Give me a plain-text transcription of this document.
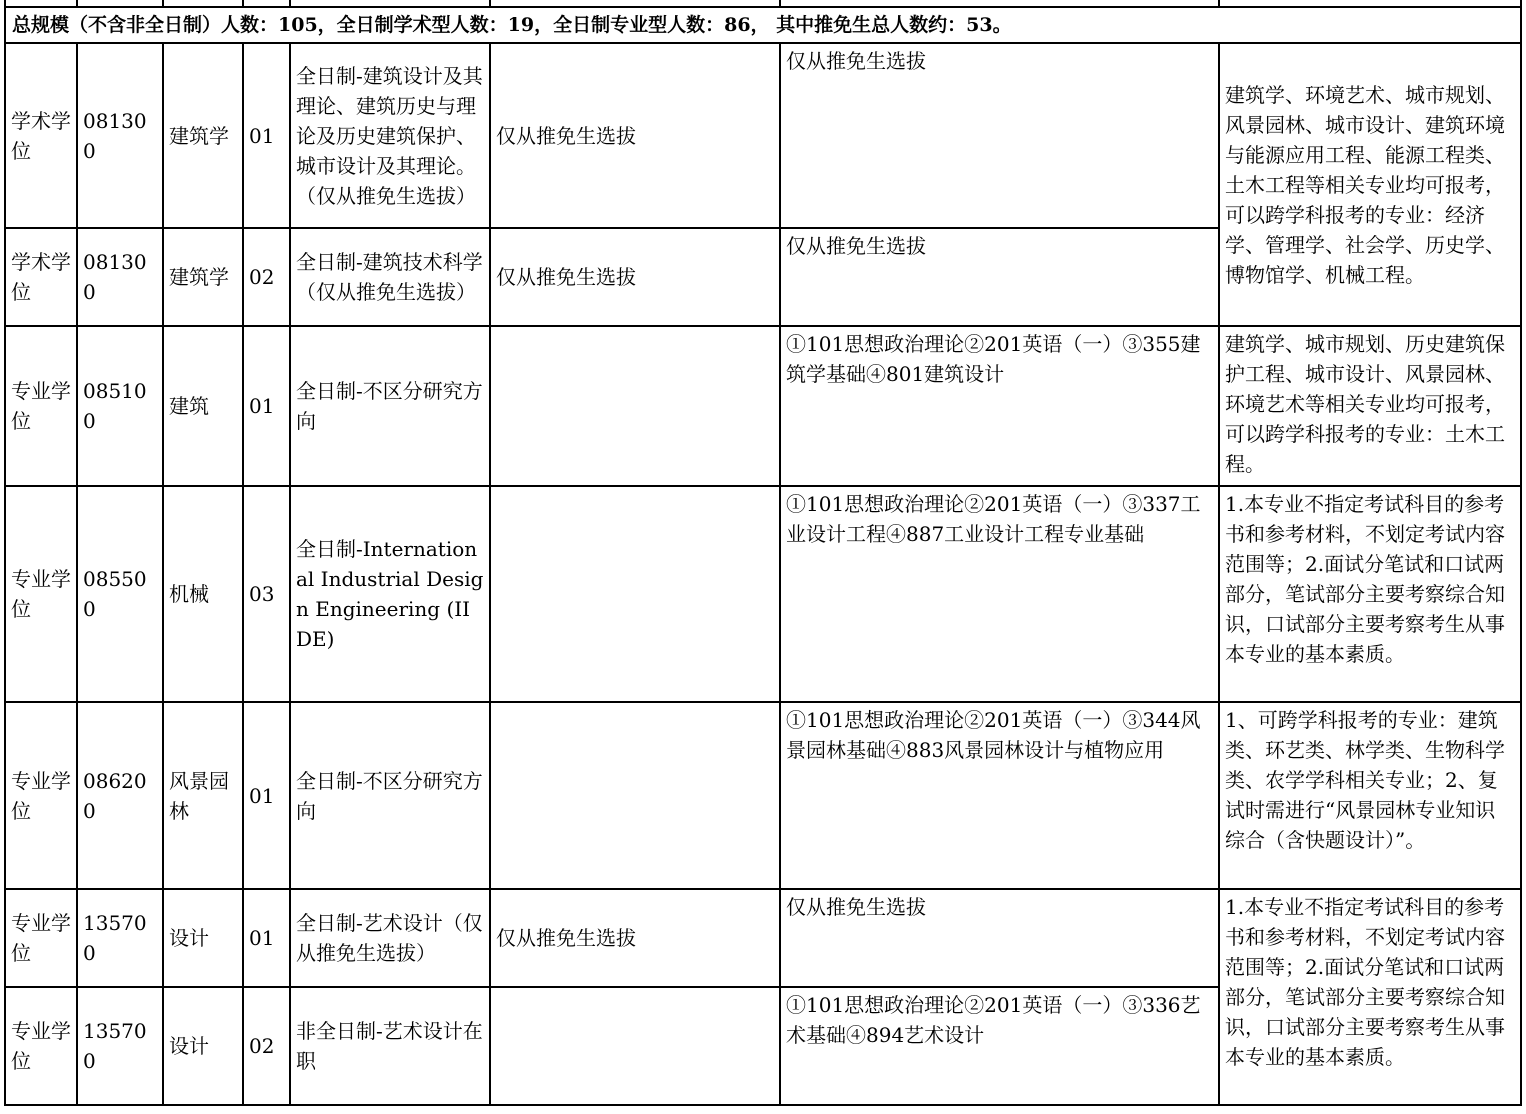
总规模（不含非全日制）人数：105，全日制学术型人数：19，全日制专业型人数：86， 其中推免生总人数约：53。							
学术学位	081300	建筑学	01	全日制-建筑设计及其理论、建筑历史与理论及历史建筑保护、城市设计及其理论。（仅从推免生选拔）	仅从推免生选拔	仅从推免生选拔	建筑学、环境艺术、城市规划、风景园林、城市设计、建筑环境与能源应用工程、能源工程类、土木工程等相关专业均可报考，可以跨学科报考的专业：经济学、管理学、社会学、历史学、博物馆学、机械工程。
学术学位	081300	建筑学	02	全日制-建筑技术科学（仅从推免生选拔）	仅从推免生选拔	仅从推免生选拔	
专业学位	085100	建筑	01	全日制-不区分研究方向		①101思想政治理论②201英语（一）③355建筑学基础④801建筑设计	建筑学、城市规划、历史建筑保护工程、城市设计、风景园林、环境艺术等相关专业均可报考，可以跨学科报考的专业：土木工程。
专业学位	085500	机械	03	全日制-International Industrial Design Engineering (IIDE)		①101思想政治理论②201英语（一）③337工业设计工程④887工业设计工程专业基础	1.本专业不指定考试科目的参考书和参考材料，不划定考试内容范围等；2.面试分笔试和口试两部分，笔试部分主要考察综合知识，口试部分主要考察考生从事本专业的基本素质。
专业学位	086200	风景园林	01	全日制-不区分研究方向		①101思想政治理论②201英语（一）③344风景园林基础④883风景园林设计与植物应用	1、可跨学科报考的专业：建筑类、环艺类、林学类、生物科学类、农学学科相关专业；2、复试时需进行“风景园林专业知识综合（含快题设计）”。
专业学位	135700	设计	01	全日制-艺术设计（仅从推免生选拔）	仅从推免生选拔	仅从推免生选拔	1.本专业不指定考试科目的参考书和参考材料，不划定考试内容范围等；2.面试分笔试和口试两部分，笔试部分主要考察综合知识，口试部分主要考察考生从事本专业的基本素质。
专业学位	135700	设计	02	非全日制-艺术设计在职		①101思想政治理论②201英语（一）③336艺术基础④894艺术设计	
